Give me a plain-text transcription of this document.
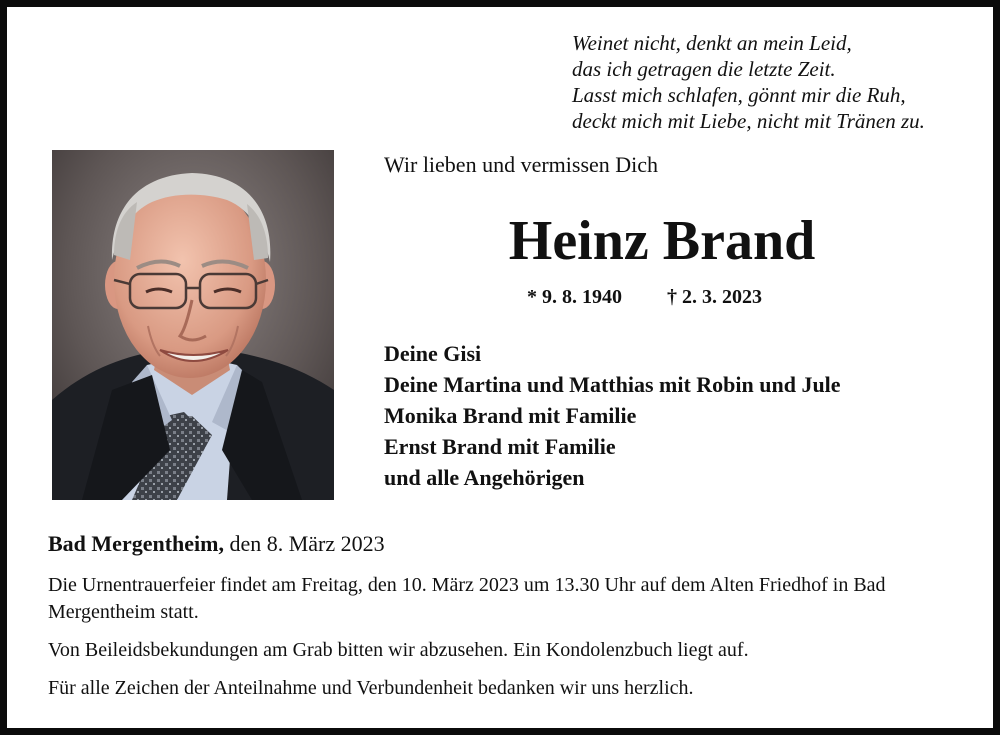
Weinet nicht, denkt an mein Leid,
das ich getragen die letzte Zeit.
Lasst mich schlafen, gönnt mir die Ruh,
deckt mich mit Liebe, nicht mit Tränen zu.
Wir lieben und vermissen Dich
Heinz Brand
* 9. 8. 1940 † 2. 3. 2023
Deine Gisi
Deine Martina und Matthias mit Robin und Jule
Monika Brand mit Familie
Ernst Brand mit Familie
und alle Angehörigen
Bad Mergentheim, den 8. März 2023

Die Urnentrauerfeier findet am Freitag, den 10. März 2023 um 13.30 Uhr auf dem Alten Friedhof in Bad Mergentheim statt.

Von Beileidsbekundungen am Grab bitten wir abzusehen. Ein Kondolenzbuch liegt auf.

Für alle Zeichen der Anteilnahme und Verbundenheit bedanken wir uns herzlich.
